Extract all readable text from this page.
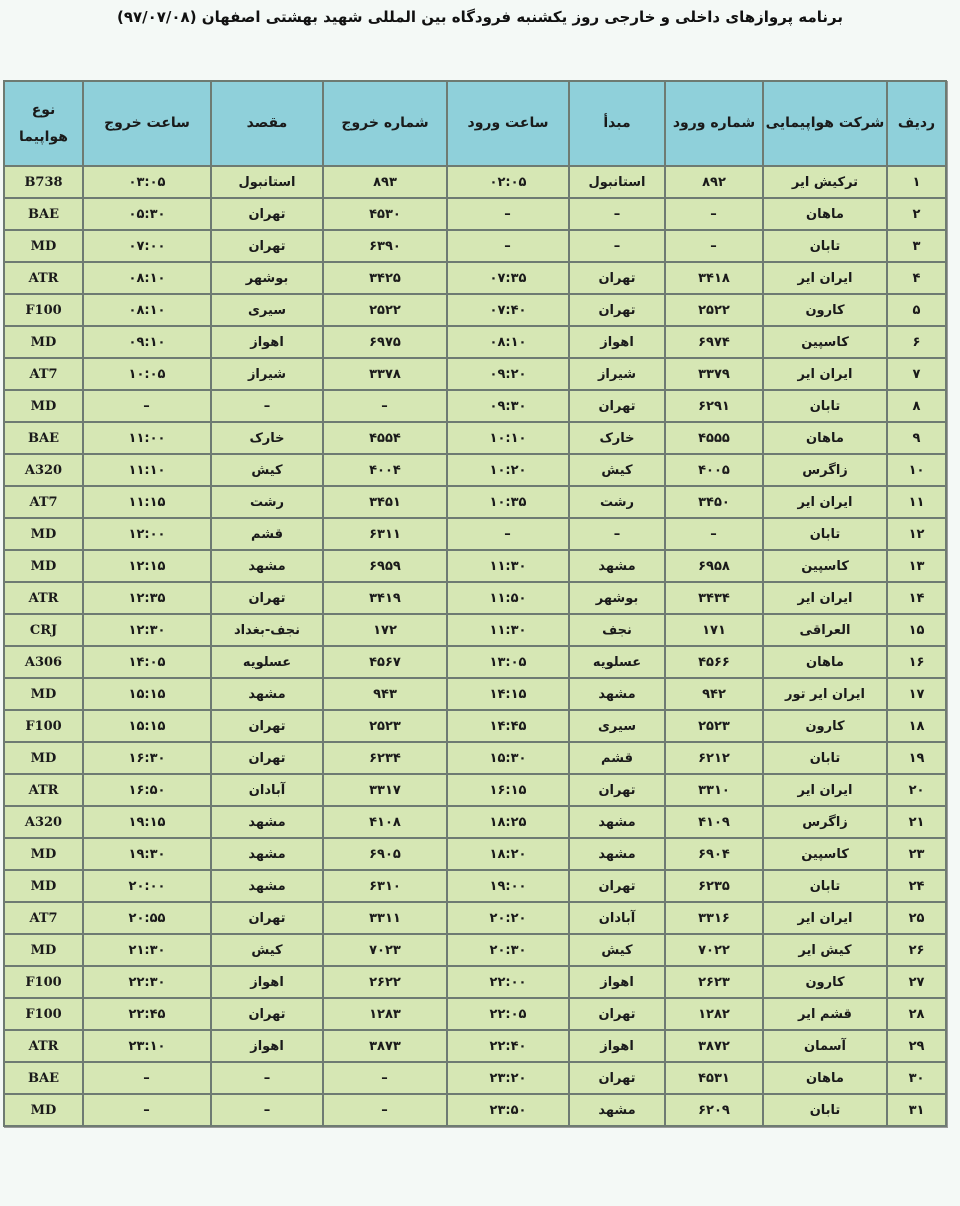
برنامه پروازهای داخلی و خارجی روز یکشنبه فرودگاه بین المللی شهید بهشتی اصفهان (۹۷/۰۷/۰۸)
ردیف	شرکت هواپیمایی	شماره ورود	مبدأ	ساعت ورود	شماره خروج	مقصد	ساعت خروج	نوع هواپیما
۱	ترکیش ایر	۸۹۲	استانبول	۰۲:۰۵	۸۹۳	استانبول	۰۳:۰۵	B738
۲	ماهان	–	–	–	۴۵۳۰	تهران	۰۵:۳۰	BAE
۳	تابان	–	–	–	۶۳۹۰	تهران	۰۷:۰۰	MD
۴	ایران ایر	۳۴۱۸	تهران	۰۷:۳۵	۳۴۲۵	بوشهر	۰۸:۱۰	ATR
۵	کارون	۲۵۲۲	تهران	۰۷:۴۰	۲۵۲۲	سیری	۰۸:۱۰	F100
۶	کاسپین	۶۹۷۴	اهواز	۰۸:۱۰	۶۹۷۵	اهواز	۰۹:۱۰	MD
۷	ایران ایر	۳۳۷۹	شیراز	۰۹:۲۰	۳۳۷۸	شیراز	۱۰:۰۵	AT7
۸	تابان	۶۲۹۱	تهران	۰۹:۳۰	–	–	–	MD
۹	ماهان	۴۵۵۵	خارک	۱۰:۱۰	۴۵۵۴	خارک	۱۱:۰۰	BAE
۱۰	زاگرس	۴۰۰۵	کیش	۱۰:۲۰	۴۰۰۴	کیش	۱۱:۱۰	A320
۱۱	ایران ایر	۳۴۵۰	رشت	۱۰:۳۵	۳۴۵۱	رشت	۱۱:۱۵	AT7
۱۲	تابان	–	–	–	۶۳۱۱	قشم	۱۲:۰۰	MD
۱۳	کاسپین	۶۹۵۸	مشهد	۱۱:۳۰	۶۹۵۹	مشهد	۱۲:۱۵	MD
۱۴	ایران ایر	۳۴۳۴	بوشهر	۱۱:۵۰	۳۴۱۹	تهران	۱۲:۳۵	ATR
۱۵	العراقی	۱۷۱	نجف	۱۱:۳۰	۱۷۲	نجف-بغداد	۱۲:۳۰	CRJ
۱۶	ماهان	۴۵۶۶	عسلویه	۱۳:۰۵	۴۵۶۷	عسلویه	۱۴:۰۵	A306
۱۷	ایران ایر تور	۹۴۲	مشهد	۱۴:۱۵	۹۴۳	مشهد	۱۵:۱۵	MD
۱۸	کارون	۲۵۲۳	سیری	۱۴:۴۵	۲۵۲۳	تهران	۱۵:۱۵	F100
۱۹	تابان	۶۲۱۲	قشم	۱۵:۳۰	۶۲۳۴	تهران	۱۶:۳۰	MD
۲۰	ایران ایر	۳۳۱۰	تهران	۱۶:۱۵	۳۳۱۷	آبادان	۱۶:۵۰	ATR
۲۱	زاگرس	۴۱۰۹	مشهد	۱۸:۲۵	۴۱۰۸	مشهد	۱۹:۱۵	A320
۲۳	کاسپین	۶۹۰۴	مشهد	۱۸:۲۰	۶۹۰۵	مشهد	۱۹:۳۰	MD
۲۴	تابان	۶۲۳۵	تهران	۱۹:۰۰	۶۳۱۰	مشهد	۲۰:۰۰	MD
۲۵	ایران ایر	۳۳۱۶	آبادان	۲۰:۲۰	۳۳۱۱	تهران	۲۰:۵۵	AT7
۲۶	کیش ایر	۷۰۲۲	کیش	۲۰:۳۰	۷۰۲۳	کیش	۲۱:۳۰	MD
۲۷	کارون	۲۶۲۳	اهواز	۲۲:۰۰	۲۶۲۲	اهواز	۲۲:۳۰	F100
۲۸	قشم ایر	۱۲۸۲	تهران	۲۲:۰۵	۱۲۸۳	تهران	۲۲:۴۵	F100
۲۹	آسمان	۳۸۷۲	اهواز	۲۲:۴۰	۳۸۷۳	اهواز	۲۳:۱۰	ATR
۳۰	ماهان	۴۵۳۱	تهران	۲۳:۲۰	–	–	–	BAE
۳۱	تابان	۶۲۰۹	مشهد	۲۳:۵۰	–	–	–	MD
